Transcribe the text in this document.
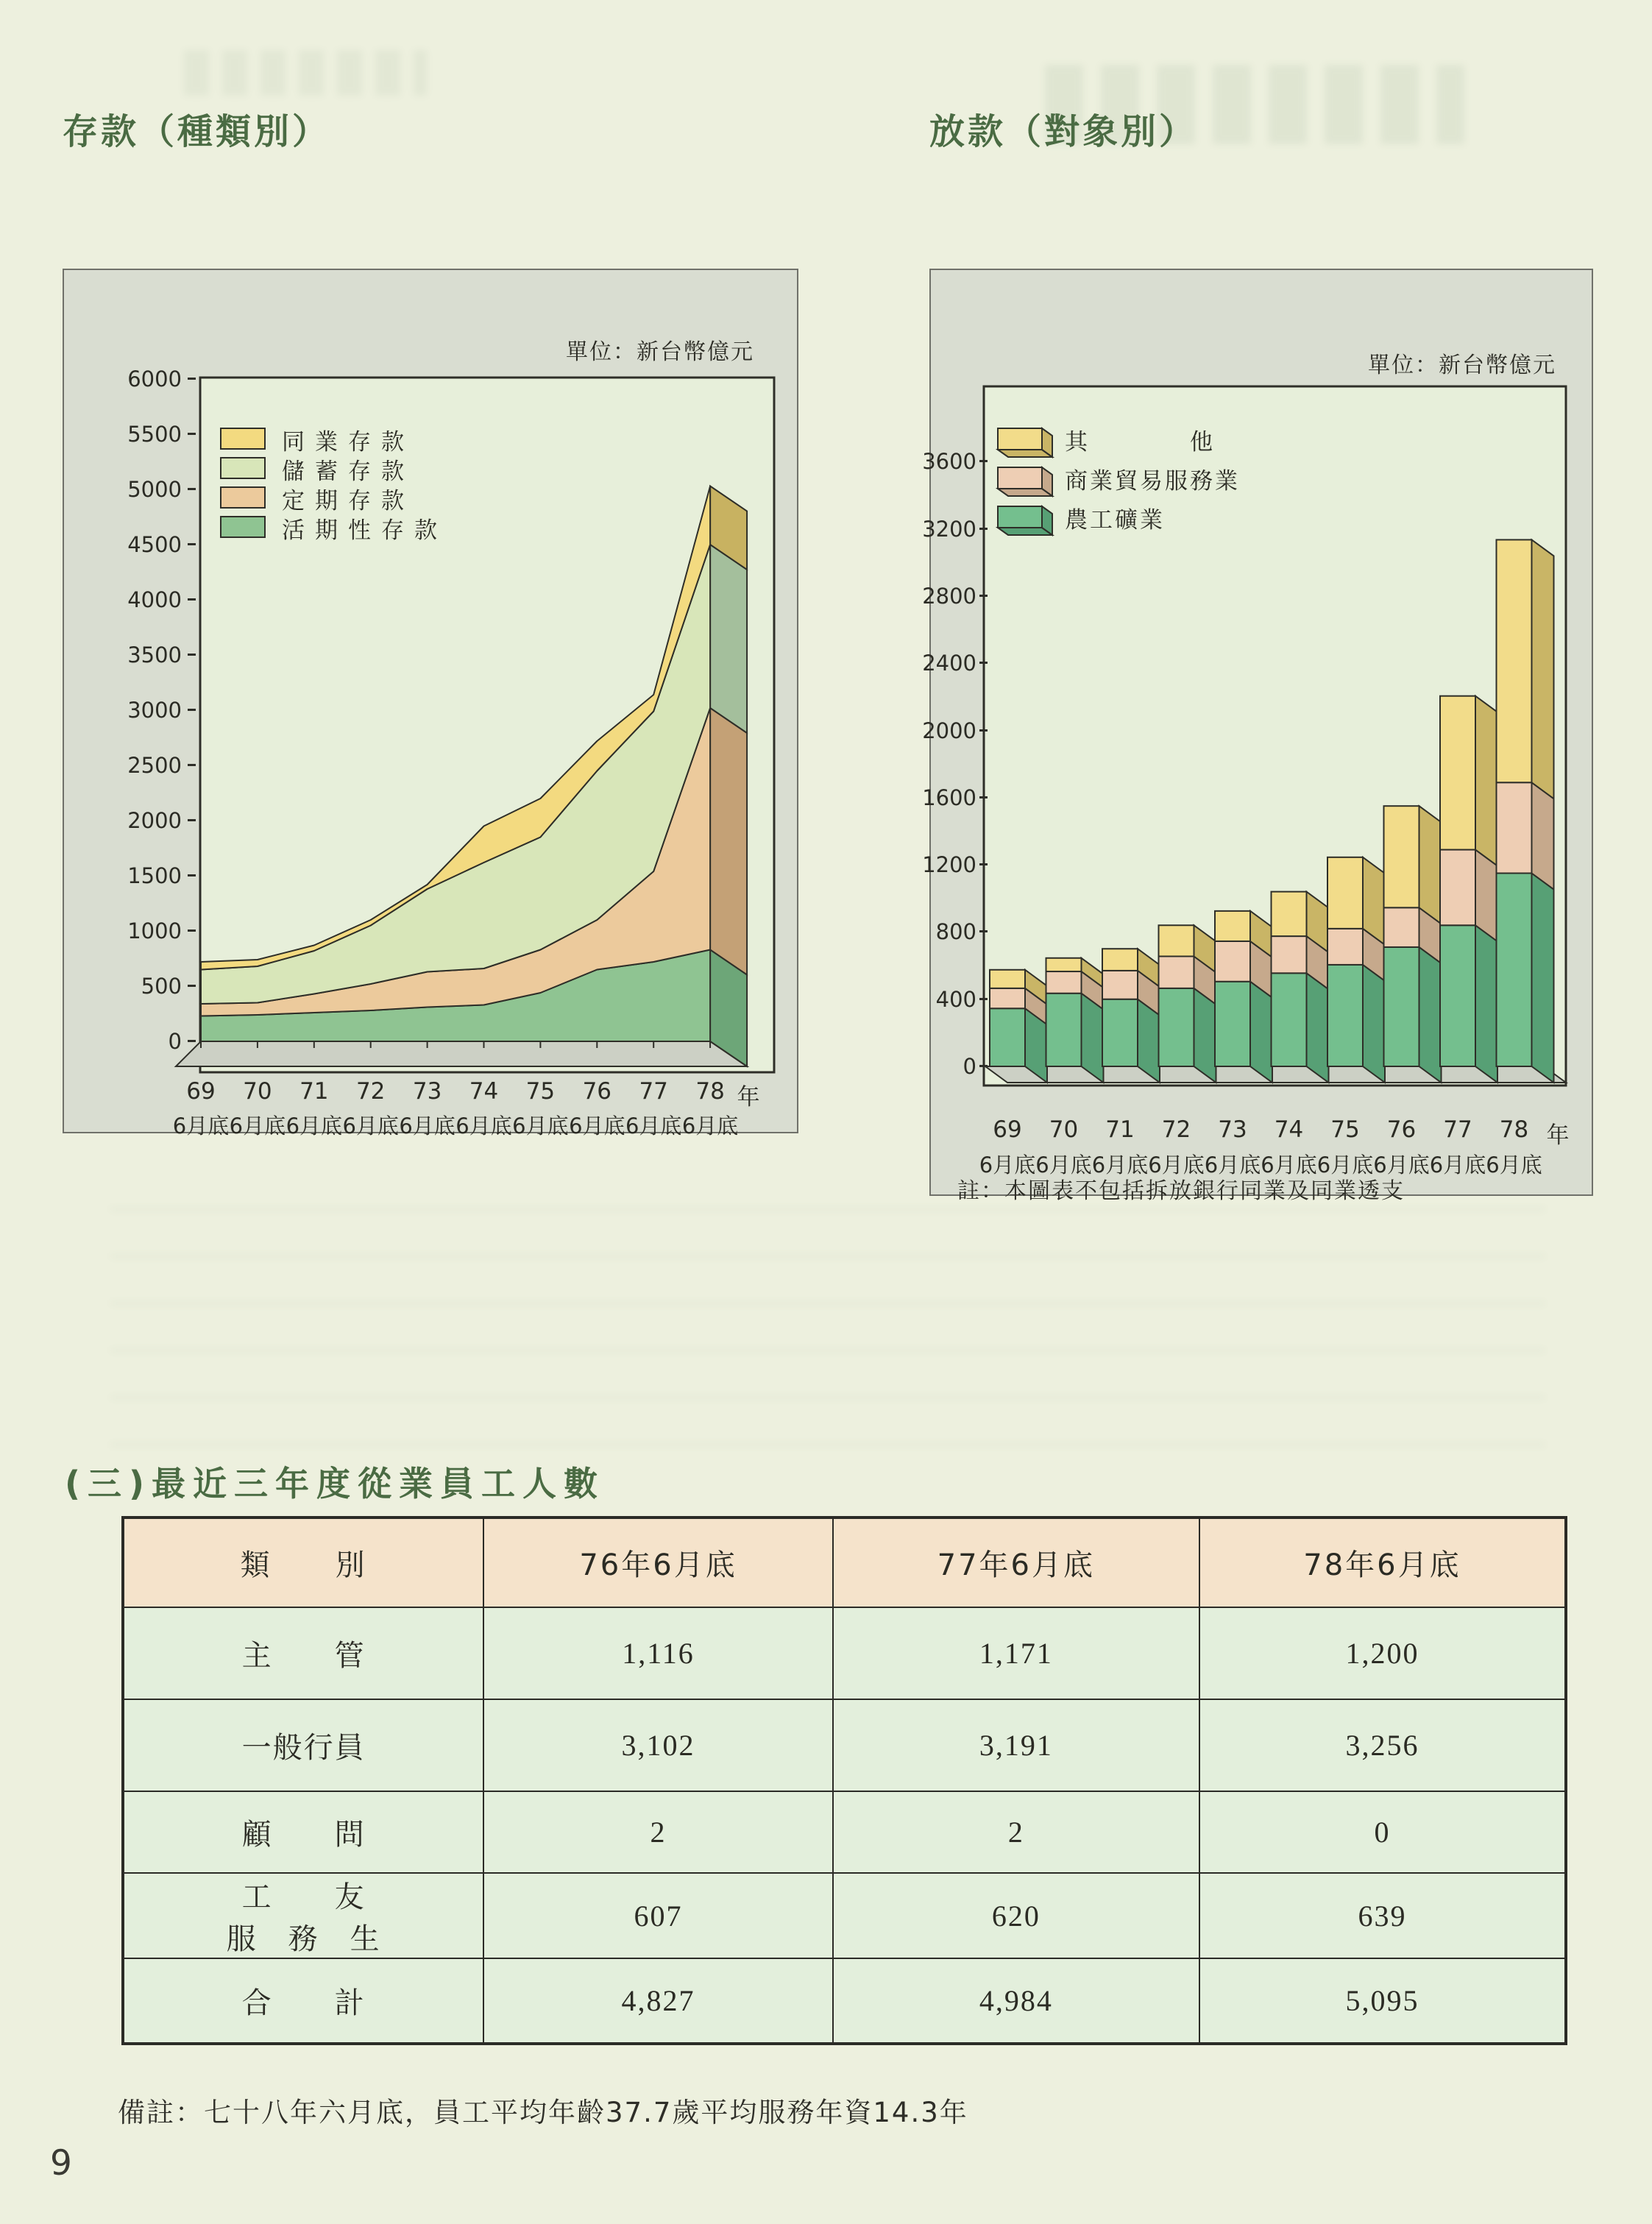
存款（種類別）	放款（對象別）
6000
5500
5000
4500
4000
3500
3000
2500
2000
1500
1000
500
0
69
6月底
70
6月底
71
6月底
72
6月底
73
6月底
74
6月底
75
6月底
76
6月底
77
6月底
78
6月底
年
單位：新台幣億元
同業存款
儲蓄存款
定期存款
活期性存款
3600
3200
2800
2400
2000
1600
1200
800
400
0
69
6月底
70
6月底
71
6月底
72
6月底
73
6月底
74
6月底
75
6月底
76
6月底
77
6月底
78
6月底
年
單位：新台幣億元
其　　　　他
商業貿易服務業
農工礦業
註：本圖表不包括拆放銀行同業及同業透支
(三)最近三年度從業員工人數
類　　別	76年6月底	77年6月底	78年6月底
主　　管	1,116	1,171	1,200
一般行員	3,102	3,191	3,256
顧　　問	2	2	0

工　　友
服　務　生	607	620	639
合　　計	4,827	4,984	5,095
備註：七十八年六月底，員工平均年齡37.7歲平均服務年資14.3年
9
